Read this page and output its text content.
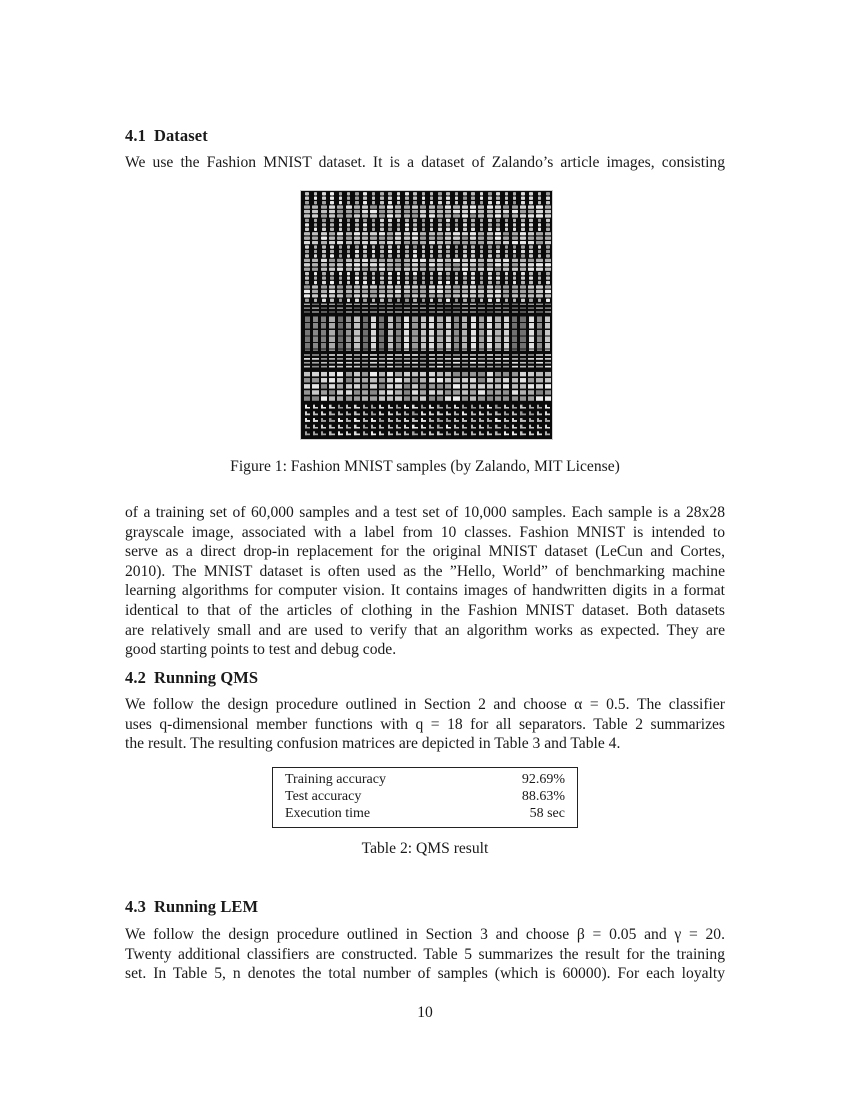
4.1 Dataset
We use the Fashion MNIST dataset. It is a dataset of Zalando’s article images, consisting
Figure 1: Fashion MNIST samples (by Zalando, MIT License)
of a training set of 60,000 samples and a test set of 10,000 samples. Each sample is a 28x28
grayscale image, associated with a label from 10 classes. Fashion MNIST is intended to
serve as a direct drop-in replacement for the original MNIST dataset (LeCun and Cortes,
2010). The MNIST dataset is often used as the ”Hello, World” of benchmarking machine
learning algorithms for computer vision. It contains images of handwritten digits in a format
identical to that of the articles of clothing in the Fashion MNIST dataset. Both datasets
are relatively small and are used to verify that an algorithm works as expected. They are
good starting points to test and debug code.
4.2 Running QMS
We follow the design procedure outlined in Section 2 and choose α = 0.5. The classifier
uses q-dimensional member functions with q = 18 for all separators. Table 2 summarizes
the result. The resulting confusion matrices are depicted in Table 3 and Table 4.
Training accuracy	92.69%
Test accuracy	88.63%
Execution time	58 sec
Table 2: QMS result
4.3 Running LEM
We follow the design procedure outlined in Section 3 and choose β = 0.05 and γ = 20.
Twenty additional classifiers are constructed. Table 5 summarizes the result for the training
set. In Table 5, n denotes the total number of samples (which is 60000). For each loyalty
10
